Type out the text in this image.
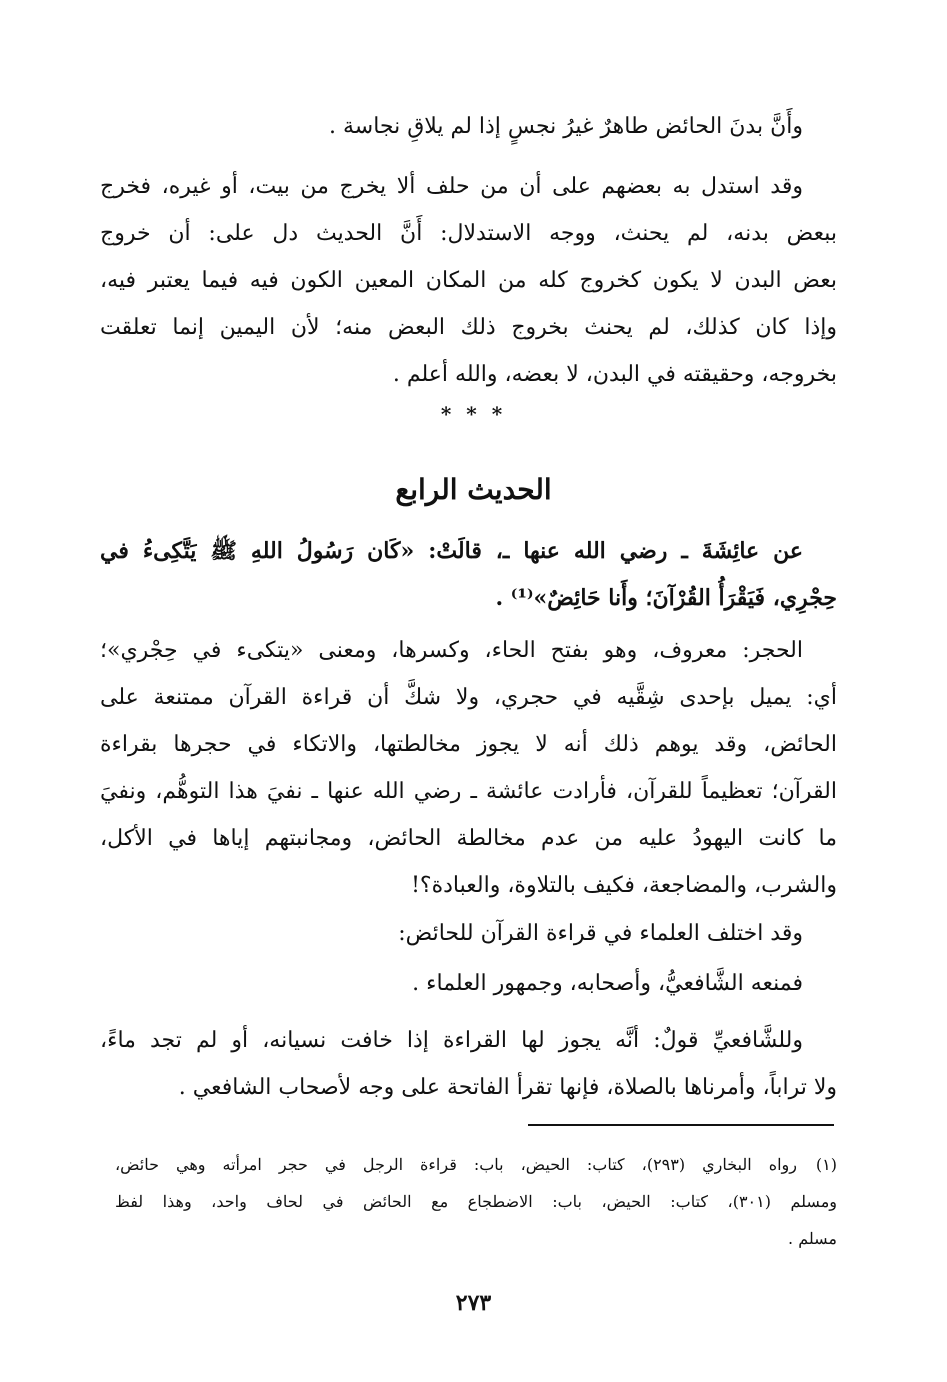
وأَنَّ بدنَ الحائض طاهرٌ غيرُ نجسٍ إذا لم يلاقِ نجاسة .
وقد استدل به بعضهم على أن من حلف ألا يخرج من بيت، أو غيره، فخرج
ببعض بدنه، لم يحنث، ووجه الاستدلال: أَنَّ الحديث دل على: أن خروج
بعض البدن لا يكون كخروج كله من المكان المعين الكون فيه فيما يعتبر فيه،
وإذا كان كذلك، لم يحنث بخروج ذلك البعض منه؛ لأن اليمين إنما تعلقت
بخروجه، وحقيقته في البدن، لا بعضه، والله أعلم .
* * *
الحديث الرابع
عن عائِشَةَ ـ رضي الله عنها ـ، قالَتْ: «كَان رَسُولُ اللهِ ﷺ يَتَّكِىءُ في
حِجْرِي، فَيَقْرَأُ القُرْآنَ؛ وأَنا حَائِضٌ»⁽¹⁾ .
الحجر: معروف، وهو بفتح الحاء، وكسرها، ومعنى «يتكىء في حِجْري»؛
أي: يميل بإحدى شِقَّيه في حجري، ولا شكَّ أن قراءة القرآن ممتنعة على
الحائض، وقد يوهم ذلك أنه لا يجوز مخالطتها، والاتكاء في حجرها بقراءة
القرآن؛ تعظيماً للقرآن، فأرادت عائشة ـ رضي الله عنها ـ نفيَ هذا التوهُّم، ونفيَ
ما كانت اليهودُ عليه من عدم مخالطة الحائض، ومجانبتهم إياها في الأكل،
والشرب، والمضاجعة، فكيف بالتلاوة، والعبادة؟!
وقد اختلف العلماء في قراءة القرآن للحائض:
فمنعه الشَّافعيُّ، وأصحابه، وجمهور العلماء .
وللشَّافعيِّ قولٌ: أنَّه يجوز لها القراءة إذا خافت نسيانه، أو لم تجد ماءً،
ولا تراباً، وأمرناها بالصلاة، فإنها تقرأ الفاتحة على وجه لأصحاب الشافعي .
(١)
رواه البخاري (٢٩٣)، كتاب: الحيض، باب: قراءة الرجل في حجر امرأته وهي حائض،
ومسلم (٣٠١)، كتاب: الحيض، باب: الاضطجاع مع الحائض في لحاف واحد، وهذا لفظ
مسلم .
٢٧٣
